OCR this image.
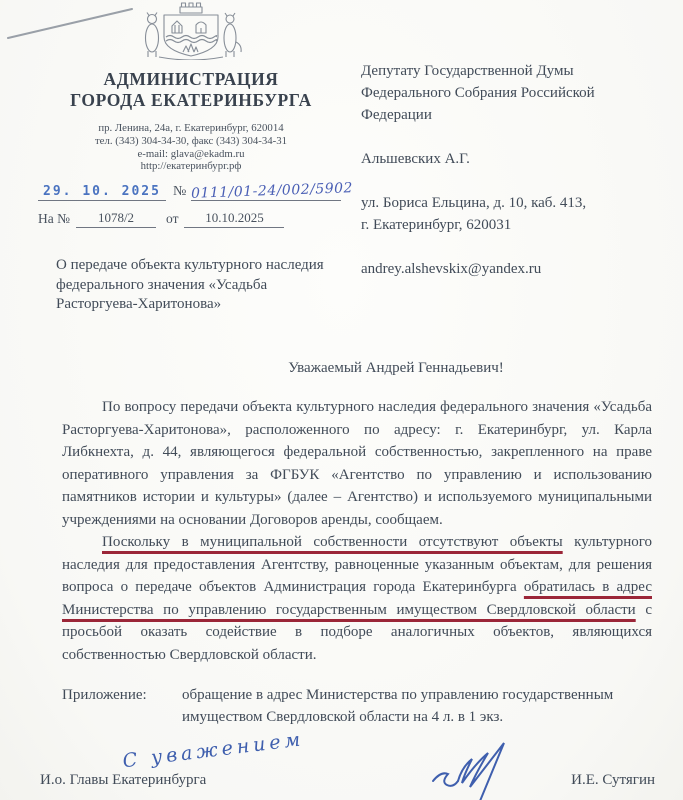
АДМИНИСТРАЦИЯ
ГОРОДА ЕКАТЕРИНБУРГА
пр. Ленина, 24а, г. Екатеринбург, 620014
тел. (343) 304-34-30, факс (343) 304-34-31
e-mail: glava@ekadm.ru
http://екатеринбург.рф
29. 10. 2025 № 0111/01-24/002/5902
На №	1078/2	от	10.10.2025
Депутату Государственной Думы
Федерального Собрания Российской
Федерации
Альшевских А.Г.
ул. Бориса Ельцина, д. 10, каб. 413,
г. Екатеринбург, 620031
andrey.alshevskix@yandex.ru
О передаче объекта культурного наследия федерального значения «Усадьба Расторгуева-Харитонова»
Уважаемый Андрей Геннадьевич!

По вопросу передачи объекта культурного наследия федерального значения «Усадьба Расторгуева-Харитонова», расположенного по адресу: г. Екатеринбург, ул. Карла Либкнехта, д. 44, являющегося федеральной собственностью, закрепленного на праве оперативного управления за ФГБУК «Агентство по управлению и использованию памятников истории и культуры» (далее – Агентство) и используемого муниципальными учреждениями на основании Договоров аренды, сообщаем.

Поскольку в муниципальной собственности отсутствуют объекты культурного наследия для предоставления Агентству, равноценные указанным объектам, для решения вопроса о передаче объектов Администрация города Екатеринбурга обратилась в адрес Министерства по управлению государственным имуществом Свердловской области с просьбой оказать содействие в подборе аналогичных объектов, являющихся собственностью Свердловской области.

Приложение:	обращение в адрес Министерства по управлению государственным имуществом Свердловской области на 4 л. в 1 экз.
С уважением
И.о. Главы Екатеринбурга	И.Е. Сутягин
